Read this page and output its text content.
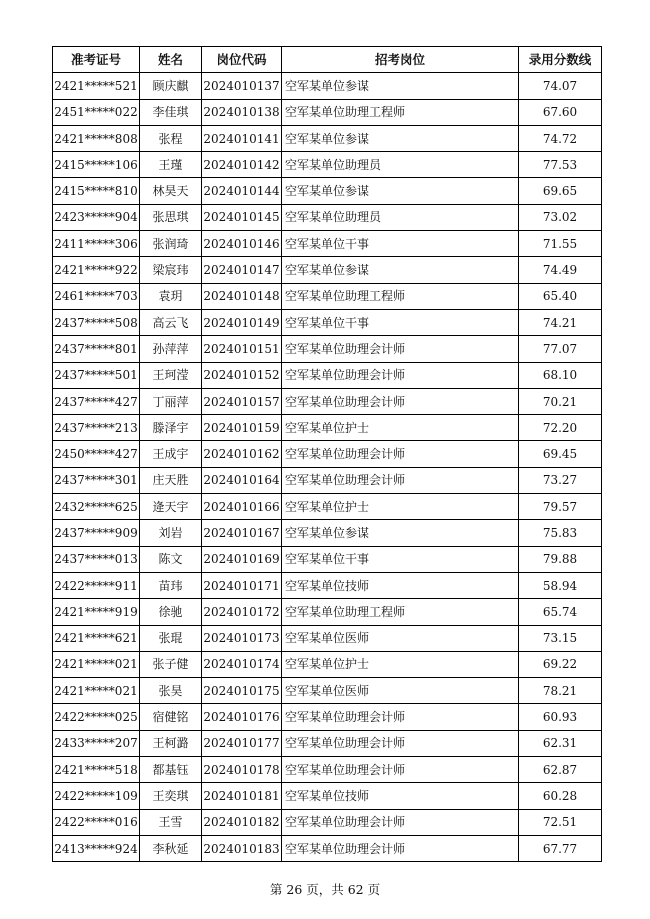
准考证号	姓名	岗位代码	招考岗位	录用分数线
2421*****521	顾庆麒	2024010137	空军某单位参谋	74.07
2451*****022	李佳琪	2024010138	空军某单位助理工程师	67.60
2421*****808	张程	2024010141	空军某单位参谋	74.72
2415*****106	王瑾	2024010142	空军某单位助理员	77.53
2415*****810	林昊天	2024010144	空军某单位参谋	69.65
2423*****904	张思琪	2024010145	空军某单位助理员	73.02
2411*****306	张润琦	2024010146	空军某单位干事	71.55
2421*****922	梁宸玮	2024010147	空军某单位参谋	74.49
2461*****703	袁玥	2024010148	空军某单位助理工程师	65.40
2437*****508	高云飞	2024010149	空军某单位干事	74.21
2437*****801	孙萍萍	2024010151	空军某单位助理会计师	77.07
2437*****501	王珂滢	2024010152	空军某单位助理会计师	68.10
2437*****427	丁丽萍	2024010157	空军某单位助理会计师	70.21
2437*****213	滕泽宇	2024010159	空军某单位护士	72.20
2450*****427	王成宇	2024010162	空军某单位助理会计师	69.45
2437*****301	庄天胜	2024010164	空军某单位助理会计师	73.27
2432*****625	逄天宇	2024010166	空军某单位护士	79.57
2437*****909	刘岩	2024010167	空军某单位参谋	75.83
2437*****013	陈文	2024010169	空军某单位干事	79.88
2422*****911	苗玮	2024010171	空军某单位技师	58.94
2421*****919	徐驰	2024010172	空军某单位助理工程师	65.74
2421*****621	张琨	2024010173	空军某单位医师	73.15
2421*****021	张子健	2024010174	空军某单位护士	69.22
2421*****021	张昊	2024010175	空军某单位医师	78.21
2422*****025	宿健铭	2024010176	空军某单位助理会计师	60.93
2433*****207	王柯潞	2024010177	空军某单位助理会计师	62.31
2421*****518	都基钰	2024010178	空军某单位助理会计师	62.87
2422*****109	王奕琪	2024010181	空军某单位技师	60.28
2422*****016	王雪	2024010182	空军某单位助理会计师	72.51
2413*****924	李秋延	2024010183	空军某单位助理会计师	67.77
第 26 页，共 62 页
